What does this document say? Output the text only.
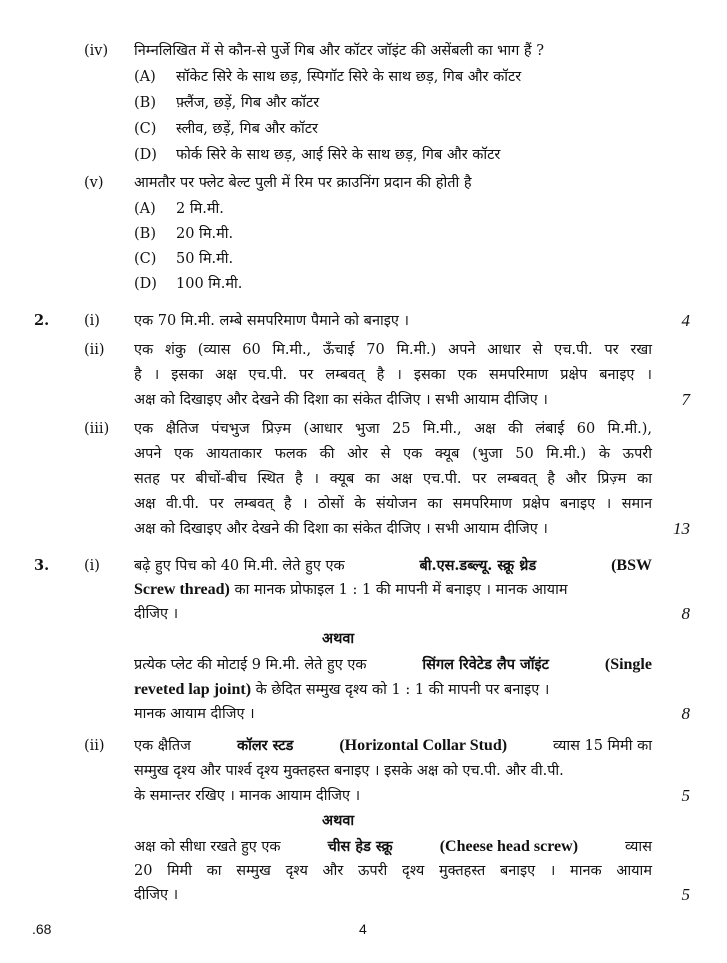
(iv) निम्नलिखित में से कौन-से पुर्जे गिब और कॉटर जॉइंट की असेंबली का भाग हैं ?
(A) सॉकेट सिरे के साथ छड़, स्पिगॉट सिरे के साथ छड़, गिब और कॉटर
(B) फ़्लैंज, छड़ें, गिब और कॉटर
(C) स्लीव, छड़ें, गिब और कॉटर
(D) फोर्क सिरे के साथ छड़, आई सिरे के साथ छड़, गिब और कॉटर
(v) आमतौर पर फ्लेट बेल्ट पुली में रिम पर क्राउनिंग प्रदान की होती है
(A) 2 मि.मी.
(B) 20 मि.मी.
(C) 50 मि.मी.
(D) 100 मि.मी.
2. (i) एक 70 मि.मी. लम्बे समपरिमाण पैमाने को बनाइए ।	4
(ii) एक शंकु (व्यास 60 मि.मी., ऊँचाई 70 मि.मी.) अपने आधार से एच.पी. पर रखा
है । इसका अक्ष एच.पी. पर लम्बवत् है । इसका एक समपरिमाण प्रक्षेप बनाइए ।
अक्ष को दिखाइए और देखने की दिशा का संकेत दीजिए । सभी आयाम दीजिए ।	7
(iii) एक क्षैतिज पंचभुज प्रिज़्म (आधार भुजा 25 मि.मी., अक्ष की लंबाई 60 मि.मी.),
अपने एक आयताकार फलक की ओर से एक क्यूब (भुजा 50 मि.मी.) के ऊपरी
सतह पर बीचों-बीच स्थित है । क्यूब का अक्ष एच.पी. पर लम्बवत् है और प्रिज़्म का
अक्ष वी.पी. पर लम्बवत् है । ठोसों के संयोजन का समपरिमाण प्रक्षेप बनाइए । समान
अक्ष को दिखाइए और देखने की दिशा का संकेत दीजिए । सभी आयाम दीजिए ।	13
3. (i) बढ़े हुए पिच को 40 मि.मी. लेते हुए एक	बी.एस.डब्ल्यू. स्क्रू थ्रेड	(BSW
Screw thread) का मानक प्रोफाइल 1 : 1 की मापनी में बनाइए । मानक आयाम
दीजिए ।	8
अथवा
प्रत्येक प्लेट की मोटाई 9 मि.मी. लेते हुए एक	सिंगल रिवेटेड लैप जॉइंट	(Single
reveted lap joint) के छेदित सम्मुख दृश्य को 1 : 1 की मापनी पर बनाइए ।
मानक आयाम दीजिए ।	8
(ii) एक क्षैतिज	कॉलर स्टड	(Horizontal Collar Stud)	व्यास 15 मिमी का
सम्मुख दृश्य और पार्श्व दृश्य मुक्तहस्त बनाइए । इसके अक्ष को एच.पी. और वी.पी.
के समान्तर रखिए । मानक आयाम दीजिए ।	5
अथवा
अक्ष को सीधा रखते हुए एक	चीस हेड स्क्रू	(Cheese head screw)	व्यास
20 मिमी का सम्मुख दृश्य और ऊपरी दृश्य मुक्तहस्त बनाइए । मानक आयाम
दीजिए ।	5
.68	4
